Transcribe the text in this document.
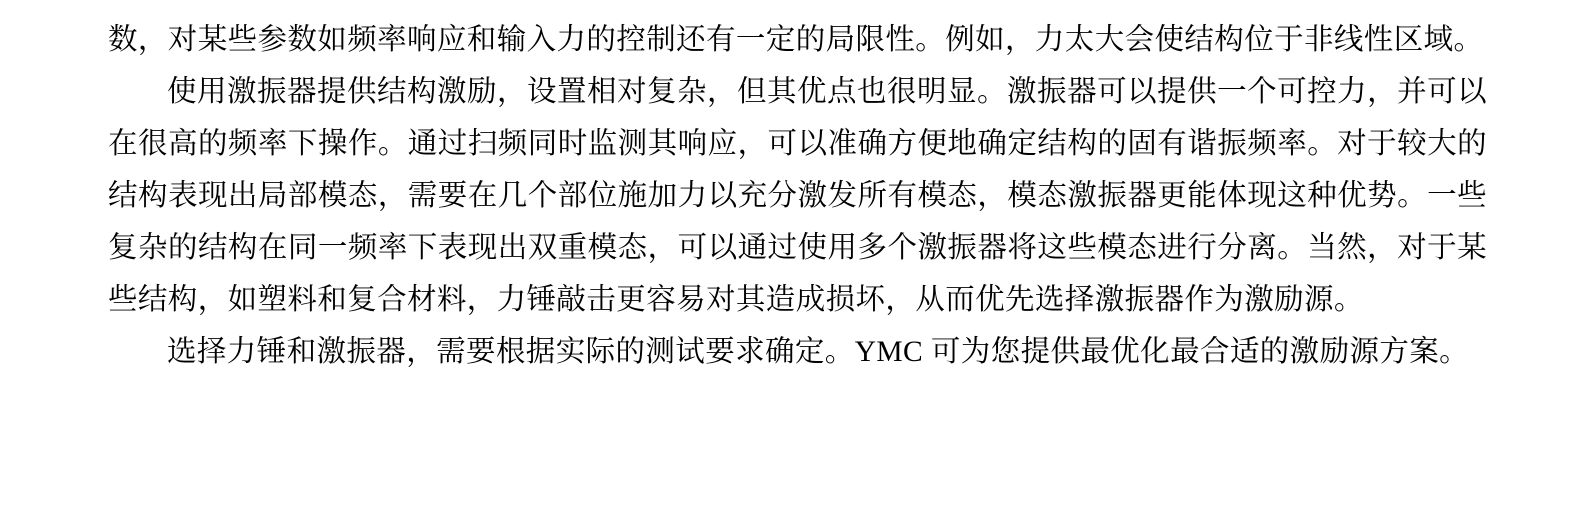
数，对某些参数如频率响应和输入力的控制还有一定的局限性。例如，力太大会使结构位于非线性区域。

使用激振器提供结构激励，设置相对复杂，但其优点也很明显。激振器可以提供一个可控力，并可以在很高的频率下操作。通过扫频同时监测其响应，可以准确方便地确定结构的固有谐振频率。对于较大的结构表现出局部模态，需要在几个部位施加力以充分激发所有模态，模态激振器更能体现这种优势。一些复杂的结构在同一频率下表现出双重模态，可以通过使用多个激振器将这些模态进行分离。当然，对于某些结构，如塑料和复合材料，力锤敲击更容易对其造成损坏，从而优先选择激振器作为激励源。

选择力锤和激振器，需要根据实际的测试要求确定。YMC 可为您提供最优化最合适的激励源方案。
